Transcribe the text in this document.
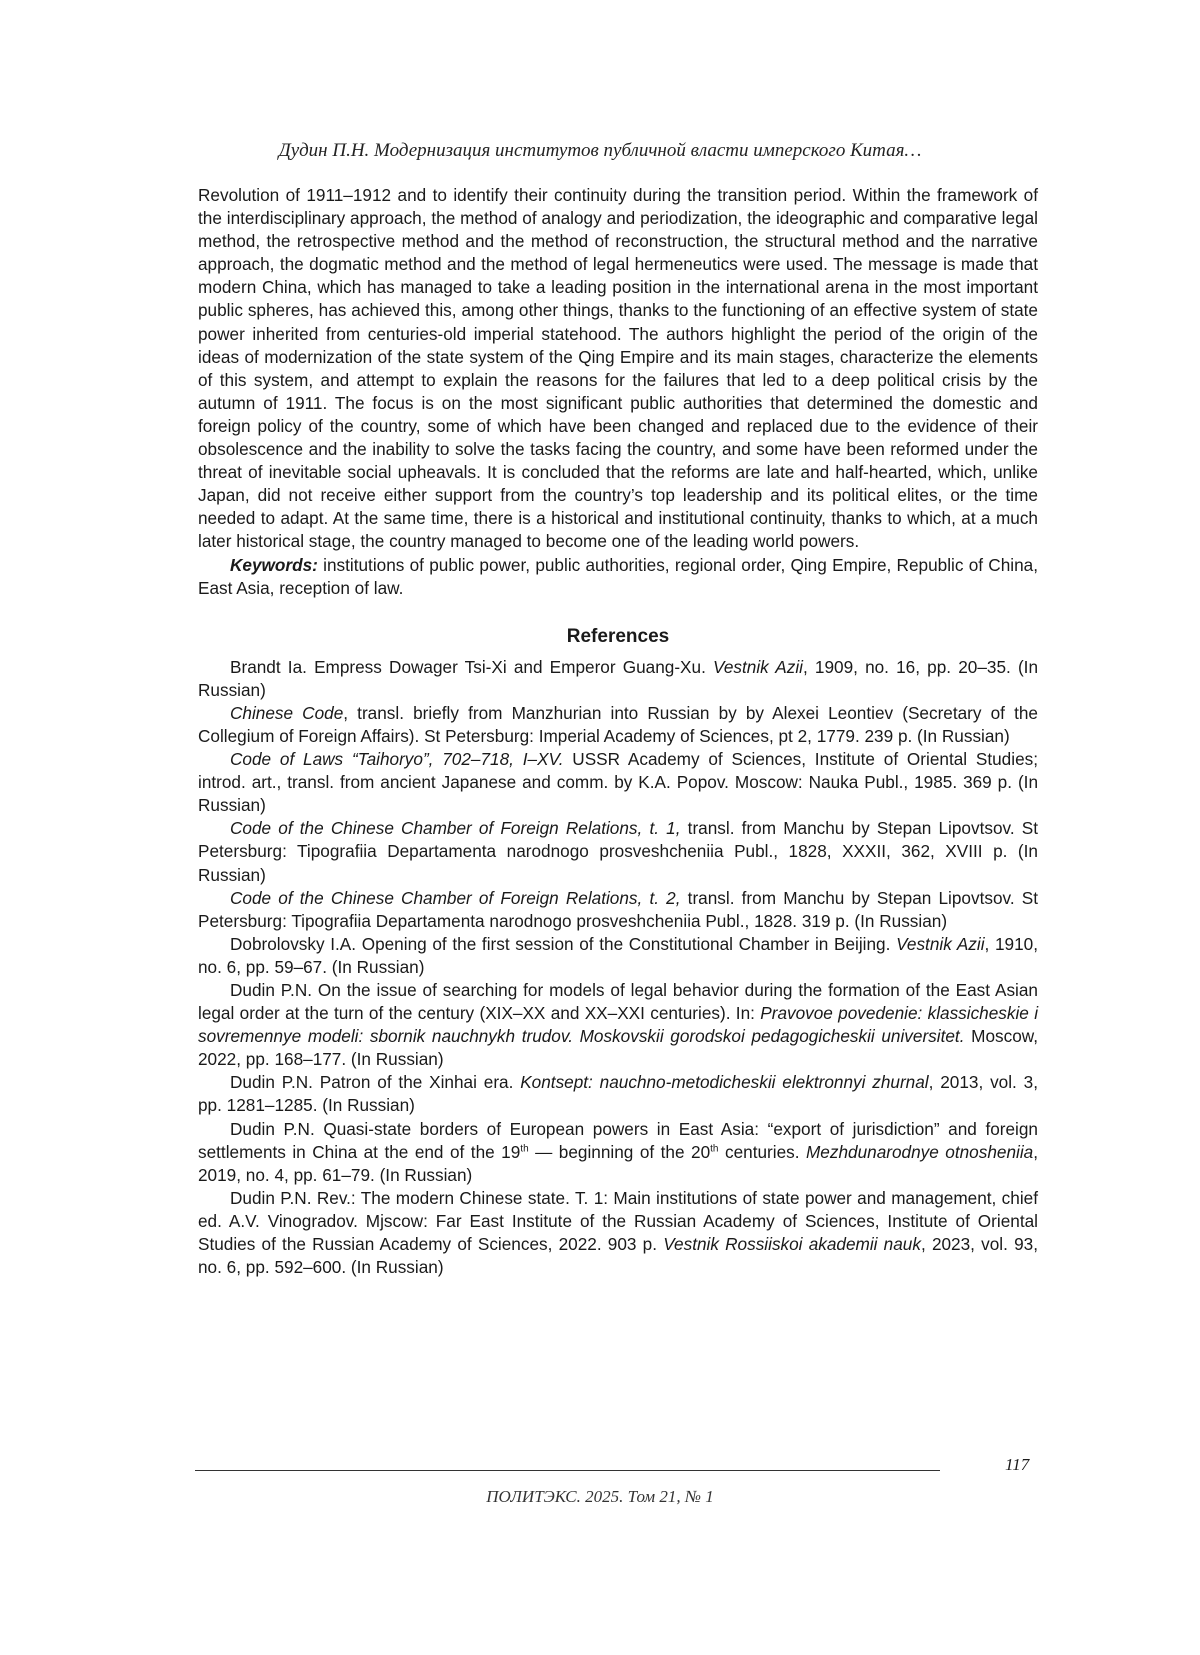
Дудин П.Н. Модернизация институтов публичной власти имперского Китая…

Revolution of 1911–1912 and to identify their continuity during the transition period. Within the framework of the interdisciplinary approach, the method of analogy and periodization, the ideographic and comparative legal method, the retrospective method and the method of reconstruction, the structural method and the narrative approach, the dogmatic method and the method of legal hermeneutics were used. The message is made that modern China, which has managed to take a leading position in the international arena in the most important public spheres, has achieved this, among other things, thanks to the functioning of an effective system of state power inherited from centuries-old imperial statehood. The authors highlight the period of the origin of the ideas of modernization of the state system of the Qing Empire and its main stages, characterize the elements of this system, and attempt to explain the reasons for the failures that led to a deep political crisis by the autumn of 1911. The focus is on the most significant public authorities that determined the domestic and foreign policy of the country, some of which have been changed and replaced due to the evidence of their obsolescence and the inability to solve the tasks facing the country, and some have been reformed under the threat of inevitable social upheavals. It is concluded that the reforms are late and half-hearted, which, unlike Japan, did not receive either support from the country’s top leadership and its political elites, or the time needed to adapt. At the same time, there is a historical and institutional continuity, thanks to which, at a much later historical stage, the country managed to become one of the leading world powers.

Keywords: institutions of public power, public authorities, regional order, Qing Empire, Republic of China, East Asia, reception of law.

References

Brandt Ia. Empress Dowager Tsi-Xi and Emperor Guang-Xu. Vestnik Azii, 1909, no. 16, pp. 20–35. (In Russian)

Chinese Code, transl. briefly from Manzhurian into Russian by by Alexei Leontiev (Secretary of the Collegium of Foreign Affairs). St Petersburg: Imperial Academy of Sciences, pt 2, 1779. 239 p. (In Russian)

Code of Laws “Taihoryo”, 702–718, I–XV. USSR Academy of Sciences, Institute of Oriental Studies; introd. art., transl. from ancient Japanese and comm. by K.A. Popov. Moscow: Nauka Publ., 1985. 369 p. (In Russian)

Code of the Chinese Chamber of Foreign Relations, t. 1, transl. from Manchu by Stepan Lipovtsov. St Petersburg: Tipografiia Departamenta narodnogo prosveshcheniia Publ., 1828, XXXII, 362, XVIII p. (In Russian)

Code of the Chinese Chamber of Foreign Relations, t. 2, transl. from Manchu by Stepan Lipovtsov. St Petersburg: Tipografiia Departamenta narodnogo prosveshcheniia Publ., 1828. 319 p. (In Russian)

Dobrolovsky I.A. Opening of the first session of the Constitutional Chamber in Beijing. Vestnik Azii, 1910, no. 6, pp. 59–67. (In Russian)

Dudin P.N. On the issue of searching for models of legal behavior during the formation of the East Asian legal order at the turn of the century (XIX–XX and XX–XXI centuries). In: Pravovoe povedenie: klassicheskie i sovremennye modeli: sbornik nauchnykh trudov. Moskovskii gorodskoi pedagogicheskii universitet. Moscow, 2022, pp. 168–177. (In Russian)

Dudin P.N. Patron of the Xinhai era. Kontsept: nauchno-metodicheskii elektronnyi zhurnal, 2013, vol. 3, pp. 1281–1285. (In Russian)

Dudin P.N. Quasi-state borders of European powers in East Asia: “export of jurisdiction” and foreign settlements in China at the end of the 19th — beginning of the 20th centuries. Mezhdunarodnye otnosheniia, 2019, no. 4, pp. 61–79. (In Russian)

Dudin P.N. Rev.: The modern Chinese state. T. 1: Main institutions of state power and management, chief ed. A.V. Vinogradov. Mjscow: Far East Institute of the Russian Academy of Sciences, Institute of Oriental Studies of the Russian Academy of Sciences, 2022. 903 p. Vestnik Rossiiskoi akademii nauk, 2023, vol. 93, no. 6, pp. 592–600. (In Russian)

117
ПОЛИТЭКС. 2025. Том 21, № 1
